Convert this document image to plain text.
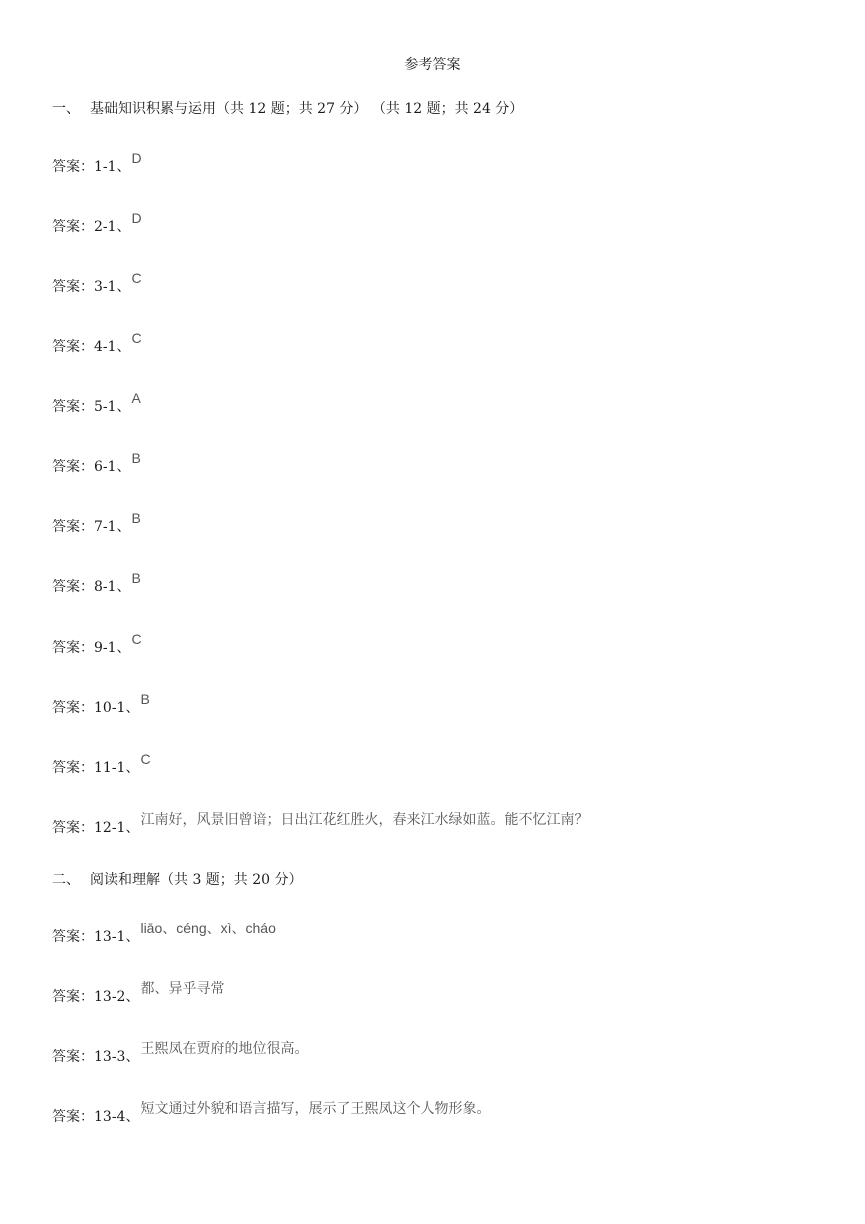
参考答案
一、 基础知识积累与运用（共 12 题；共 27 分） （共 12 题；共 24 分）
答案：1-1、D
答案：2-1、D
答案：3-1、C
答案：4-1、C
答案：5-1、A
答案：6-1、B
答案：7-1、B
答案：8-1、B
答案：9-1、C
答案：10-1、B
答案：11-1、C
答案：12-1、江南好，风景旧曾谙；日出江花红胜火，春来江水绿如蓝。能不忆江南？
二、 阅读和理解（共 3 题；共 20 分）
答案：13-1、liāo、céng、xì、cháo
答案：13-2、都、异乎寻常
答案：13-3、王熙凤在贾府的地位很高。
答案：13-4、短文通过外貌和语言描写，展示了王熙凤这个人物形象。
